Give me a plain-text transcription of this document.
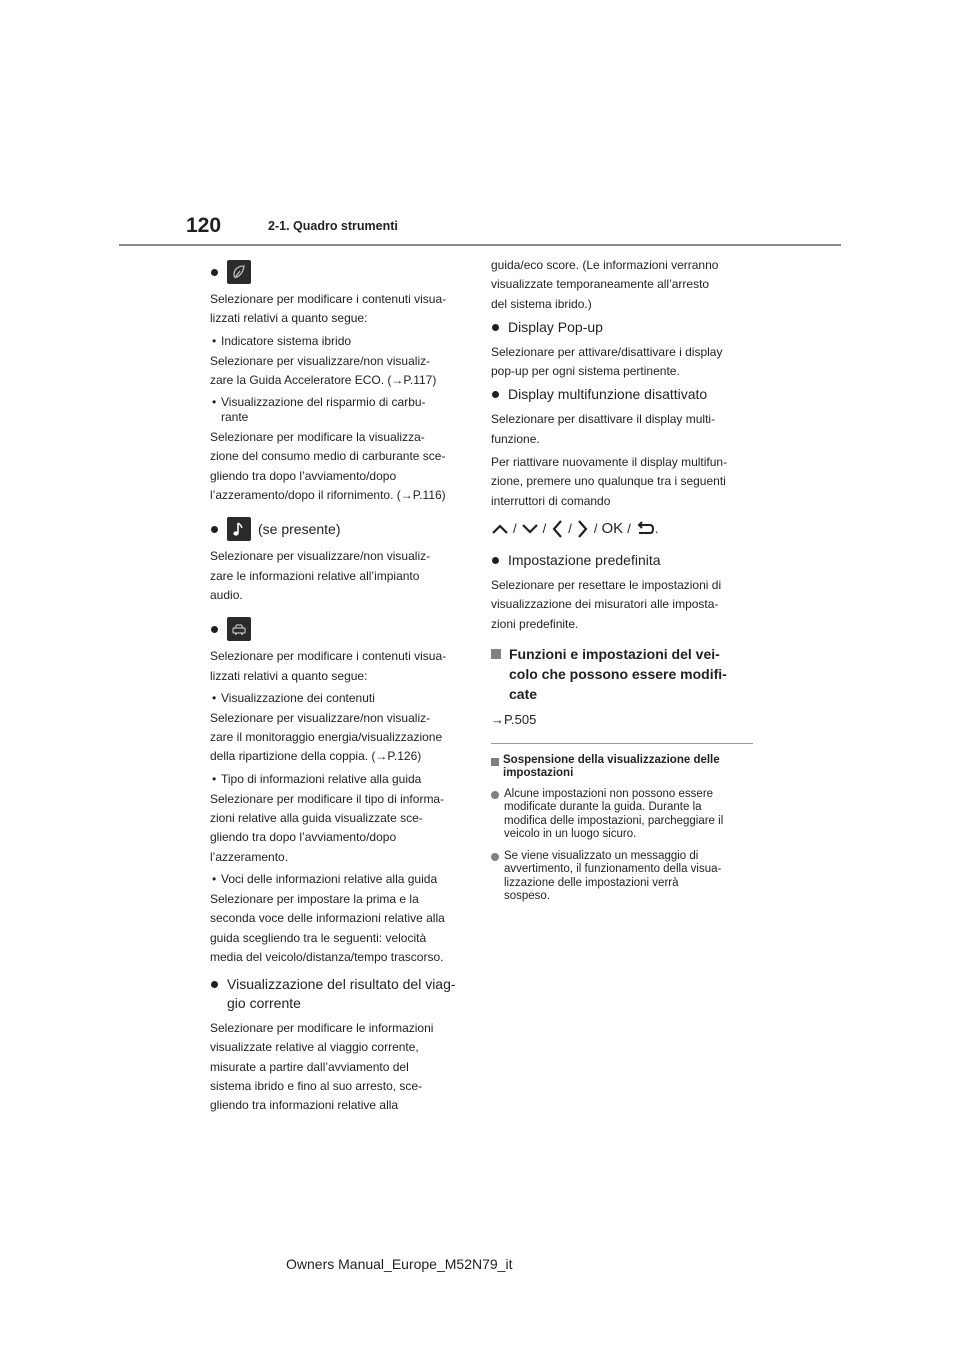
120	2-1. Quadro strumenti

Selezionare per modificare i contenuti visua-
lizzati relativi a quanto segue:

• Indicatore sistema ibrido

Selezionare per visualizzare/non visualiz-
zare la Guida Acceleratore ECO. (→P.117)

• Visualizzazione del risparmio di carbu-
rante

Selezionare per modificare la visualizza-
zione del consumo medio di carburante sce-
gliendo tra dopo l’avviamento/dopo
l’azzeramento/dopo il rifornimento. (→P.116)

(se presente)

Selezionare per visualizzare/non visualiz-
zare le informazioni relative all’impianto
audio.

Selezionare per modificare i contenuti visua-
lizzati relativi a quanto segue:

• Visualizzazione dei contenuti

Selezionare per visualizzare/non visualiz-
zare il monitoraggio energia/visualizzazione
della ripartizione della coppia. (→P.126)

• Tipo di informazioni relative alla guida

Selezionare per modificare il tipo di informa-
zioni relative alla guida visualizzate sce-
gliendo tra dopo l’avviamento/dopo
l’azzeramento.

• Voci delle informazioni relative alla guida

Selezionare per impostare la prima e la
seconda voce delle informazioni relative alla
guida scegliendo tra le seguenti: velocità
media del veicolo/distanza/tempo trascorso.

Visualizzazione del risultato del viag-
gio corrente

Selezionare per modificare le informazioni
visualizzate relative al viaggio corrente,
misurate a partire dall’avviamento del
sistema ibrido e fino al suo arresto, sce-
gliendo tra informazioni relative alla

guida/eco score. (Le informazioni verranno
visualizzate temporaneamente all’arresto
del sistema ibrido.)

Display Pop-up

Selezionare per attivare/disattivare i display
pop-up per ogni sistema pertinente.

Display multifunzione disattivato

Selezionare per disattivare il display multi-
funzione.

Per riattivare nuovamente il display multifun-
zione, premere uno qualunque tra i seguenti
interruttori di comando

/ / / / OK / .
Impostazione predefinita

Selezionare per resettare le impostazioni di
visualizzazione dei misuratori alle imposta-
zioni predefinite.

Funzioni e impostazioni del vei-
colo che possono essere modifi-
cate
→P.505
Sospensione della visualizzazione delle
impostazioni
Alcune impostazioni non possono essere
modificate durante la guida. Durante la
modifica delle impostazioni, parcheggiare il
veicolo in un luogo sicuro.
Se viene visualizzato un messaggio di
avvertimento, il funzionamento della visua-
lizzazione delle impostazioni verrà
sospeso.
Owners Manual_Europe_M52N79_it
